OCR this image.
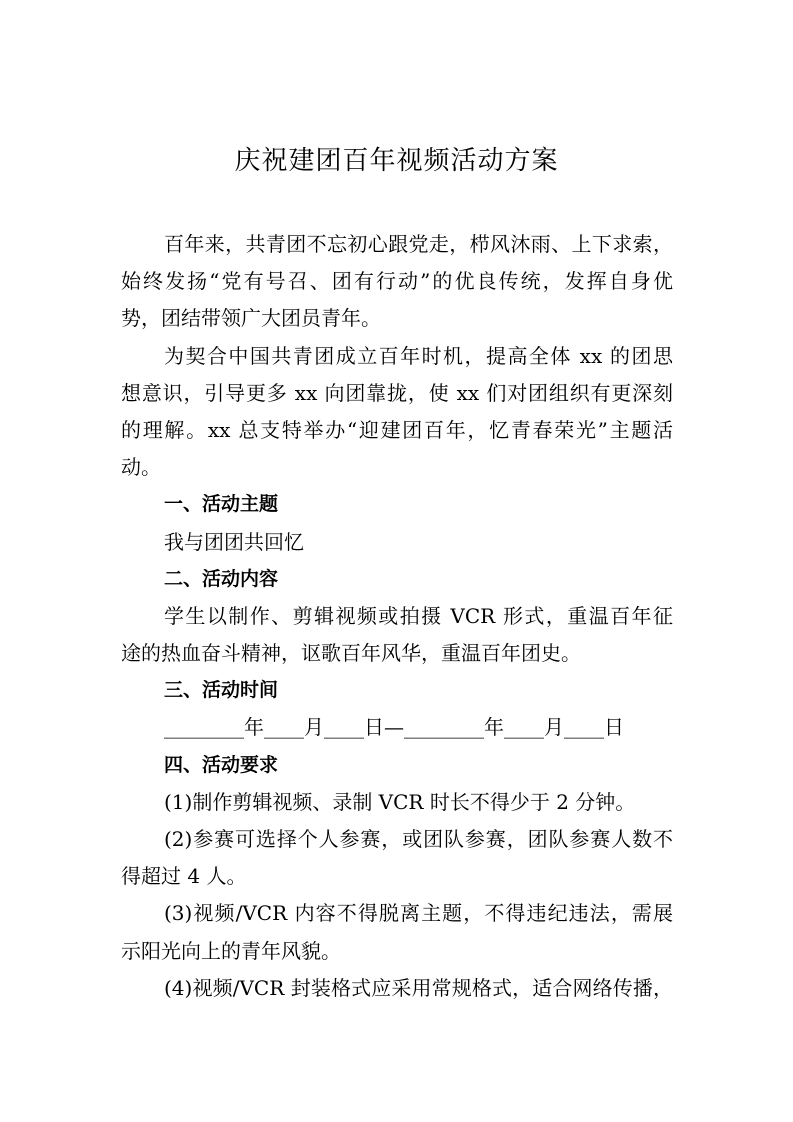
庆祝建团百年视频活动方案
百年来，共青团不忘初心跟党走，栉风沐雨、上下求索，
始终发扬“党有号召、团有行动”的优良传统，发挥自身优
势，团结带领广大团员青年。
为契合中国共青团成立百年时机，提高全体 xx 的团思
想意识，引导更多 xx 向团靠拢，使 xx 们对团组织有更深刻
的理解。xx 总支特举办“迎建团百年，忆青春荣光”主题活
动。
一、活动主题
我与团团共回忆
二、活动内容
学生以制作、剪辑视频或拍摄 VCR 形式，重温百年征
途的热血奋斗精神，讴歌百年风华，重温百年团史。
三、活动时间
________年____月____日—________年____月____日
四、活动要求
(1)制作剪辑视频、录制 VCR 时长不得少于 2 分钟。
(2)参赛可选择个人参赛，或团队参赛，团队参赛人数不
得超过 4 人。
(3)视频/VCR 内容不得脱离主题，不得违纪违法，需展
示阳光向上的青年风貌。
(4)视频/VCR 封装格式应采用常规格式，适合网络传播，
